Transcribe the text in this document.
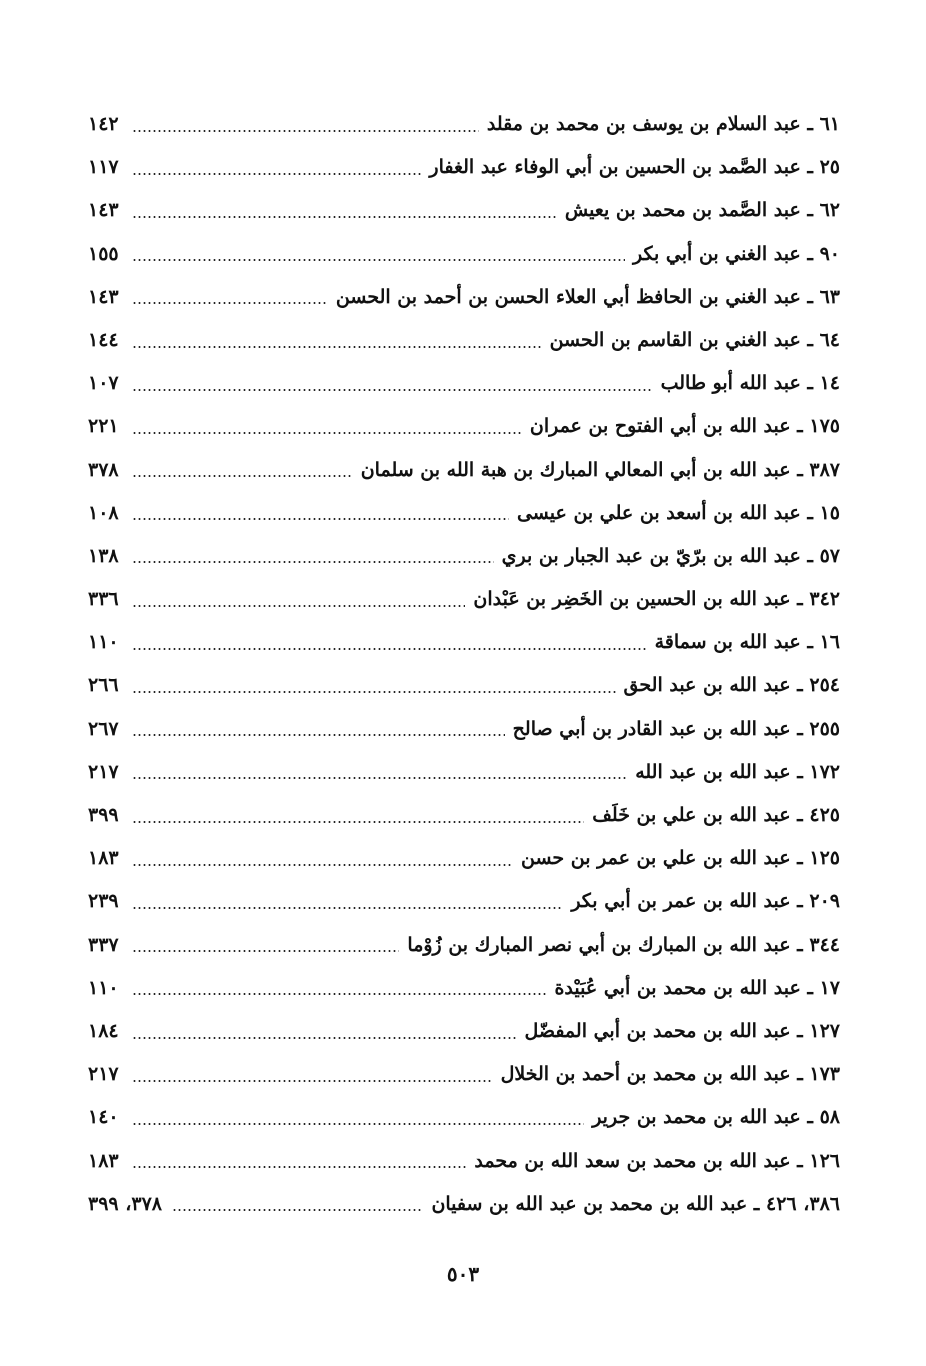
٦١ ـ عبد السلام بن يوسف بن محمد بن مقلد
١٤٢
٢٥ ـ عبد الصَّمد بن الحسين بن أبي الوفاء عبد الغفار
١١٧
٦٢ ـ عبد الصَّمد بن محمد بن يعيش
١٤٣
٩٠ ـ عبد الغني بن أبي بكر
١٥٥
٦٣ ـ عبد الغني بن الحافظ أبي العلاء الحسن بن أحمد بن الحسن
١٤٣
٦٤ ـ عبد الغني بن القاسم بن الحسن
١٤٤
١٤ ـ عبد الله أبو طالب
١٠٧
١٧٥ ـ عبد الله بن أبي الفتوح بن عمران
٢٢١
٣٨٧ ـ عبد الله بن أبي المعالي المبارك بن هبة الله بن سلمان
٣٧٨
١٥ ـ عبد الله بن أسعد بن علي بن عيسى
١٠٨
٥٧ ـ عبد الله بن برّيّ بن عبد الجبار بن بري
١٣٨
٣٤٢ ـ عبد الله بن الحسين بن الخَضِر بن عَبْدان
٣٣٦
١٦ ـ عبد الله بن سماقة
١١٠
٢٥٤ ـ عبد الله بن عبد الحق
٢٦٦
٢٥٥ ـ عبد الله بن عبد القادر بن أبي صالح
٢٦٧
١٧٢ ـ عبد الله بن عبد الله
٢١٧
٤٢٥ ـ عبد الله بن علي بن خَلَف
٣٩٩
١٢٥ ـ عبد الله بن علي بن عمر بن حسن
١٨٣
٢٠٩ ـ عبد الله بن عمر بن أبي بكر
٢٣٩
٣٤٤ ـ عبد الله بن المبارك بن أبي نصر المبارك بن زُوْما
٣٣٧
١٧ ـ عبد الله بن محمد بن أبي عُبَيْدة
١١٠
١٢٧ ـ عبد الله بن محمد بن أبي المفضّل
١٨٤
١٧٣ ـ عبد الله بن محمد بن أحمد بن الخلال
٢١٧
٥٨ ـ عبد الله بن محمد بن جرير
١٤٠
١٢٦ ـ عبد الله بن محمد بن سعد الله بن محمد
١٨٣
٣٨٦، ٤٢٦ ـ عبد الله بن محمد بن عبد الله بن سفيان
٣٧٨، ٣٩٩
٥٠٣
